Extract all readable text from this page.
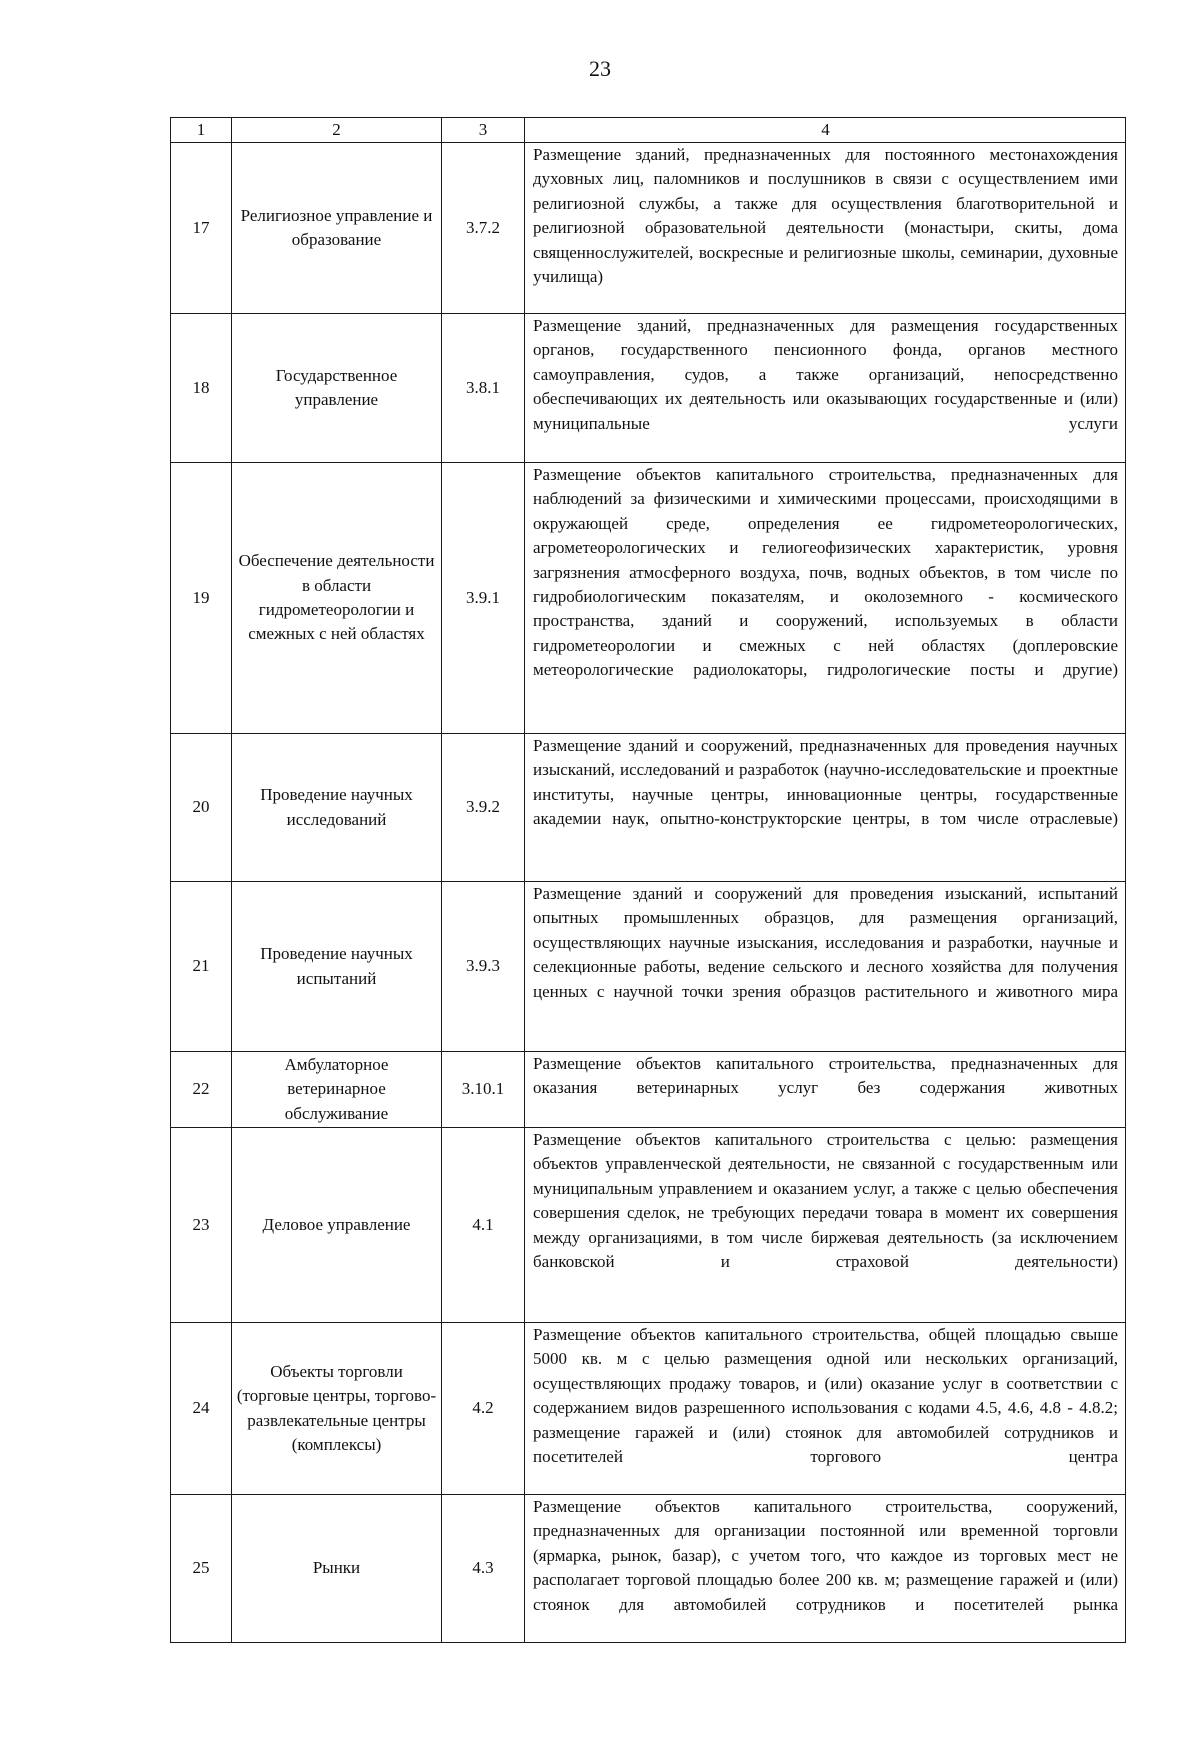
23
1	2	3	4
17	Религиозное управление и образование	3.7.2	Размещение зданий, предназначенных для постоянного местонахождения духовных лиц, паломников и послушников в связи с осуществлением ими религиозной службы, а также для осуществления благотворительной и религиозной образовательной деятельности (монастыри, скиты, дома священнослужителей, воскресные и религиозные школы, семинарии, духовные училища)
18	Государственное управление	3.8.1	Размещение зданий, предназначенных для размещения государственных органов, государственного пенсионного фонда, органов местного самоуправления, судов, а также организаций, непосредственно обеспечивающих их деятельность или оказывающих государственные и (или) муниципальные услуги
19	Обеспечение деятельности в области гидрометеорологии и смежных с ней областях	3.9.1	Размещение объектов капитального строительства, предназначенных для наблюдений за физическими и химическими процессами, происходящими в окружающей среде, определения ее гидрометеорологических, агрометеорологических и гелиогеофизических характеристик, уровня загрязнения атмосферного воздуха, почв, водных объектов, в том числе по гидробиологическим показателям, и околоземного - космического пространства, зданий и сооружений, используемых в области гидрометеорологии и смежных с ней областях (доплеровские метеорологические радиолокаторы, гидрологические посты и другие)
20	Проведение научных исследований	3.9.2	Размещение зданий и сооружений, предназначенных для проведения научных изысканий, исследований и разработок (научно-исследовательские и проектные институты, научные центры, инновационные центры, государственные академии наук, опытно-конструкторские центры, в том числе отраслевые)
21	Проведение научных испытаний	3.9.3	Размещение зданий и сооружений для проведения изысканий, испытаний опытных промышленных образцов, для размещения организаций, осуществляющих научные изыскания, исследования и разработки, научные и селекционные работы, ведение сельского и лесного хозяйства для получения ценных с научной точки зрения образцов растительного и животного мира
22	Амбулаторное ветеринарное обслуживание	3.10.1	Размещение объектов капитального строительства, предназначенных для оказания ветеринарных услуг без содержания животных
23	Деловое управление	4.1	Размещение объектов капитального строительства с целью: размещения объектов управленческой деятельности, не связанной с государственным или муниципальным управлением и оказанием услуг, а также с целью обеспечения совершения сделок, не требующих передачи товара в момент их совершения между организациями, в том числе биржевая деятельность (за исключением банковской и страховой деятельности)
24	Объекты торговли (торговые центры, торгово-развлекательные центры (комплексы)	4.2	Размещение объектов капитального строительства, общей площадью свыше 5000 кв. м с целью размещения одной или нескольких организаций, осуществляющих продажу товаров, и (или) оказание услуг в соответствии с содержанием видов разрешенного использования с кодами 4.5, 4.6, 4.8 - 4.8.2; размещение гаражей и (или) стоянок для автомобилей сотрудников и посетителей торгового центра
25	Рынки	4.3	Размещение объектов капитального строительства, сооружений, предназначенных для организации постоянной или временной торговли (ярмарка, рынок, базар), с учетом того, что каждое из торговых мест не располагает торговой площадью более 200 кв. м; размещение гаражей и (или) стоянок для автомобилей сотрудников и посетителей рынка
